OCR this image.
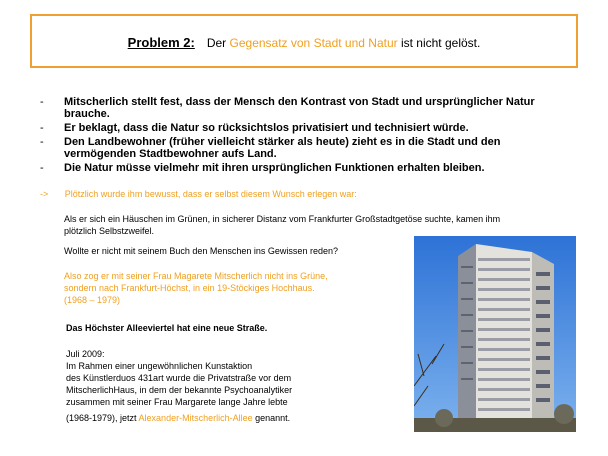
Problem 2: Der Gegensatz von Stadt und Natur ist nicht gelöst.
- Mitscherlich stellt fest, dass der Mensch den Kontrast von Stadt und ursprünglicher Natur brauche.
- Er beklagt, dass die Natur so rücksichtslos privatisiert und technisiert würde.
- Den Landbewohner (früher vielleicht stärker als heute) zieht es in die Stadt und den vermögenden Stadtbewohner aufs Land.
- Die Natur müsse vielmehr mit ihren ursprünglichen Funktionen erhalten bleiben.
-> Plötzlich wurde ihm bewusst, dass er selbst diesem Wunsch erlegen war:
Als er sich ein Häuschen im Grünen, in sicherer Distanz vom Frankfurter Großstadtgetöse suchte, kamen ihm
plötzlich Selbstzweifel.
Wollte er nicht mit seinem Buch den Menschen ins Gewissen reden?
Also zog er mit seiner Frau Magarete Mitscherlich nicht ins Grüne,
sondern nach Frankfurt-Höchst, in ein 19-Stöckiges Hochhaus.
(1968 – 1979)
Das Höchster Alleeviertel hat eine neue Straße.
Juli 2009:
Im Rahmen einer ungewöhnlichen Kunstaktion
des Künstlerduos 431art wurde die Privatstraße vor dem
MitscherlichHaus, in dem der bekannte Psychoanalytiker
zusammen mit seiner Frau Margarete lange Jahre lebte
(1968-1979), jetzt Alexander-Mitscherlich-Allee genannt.
